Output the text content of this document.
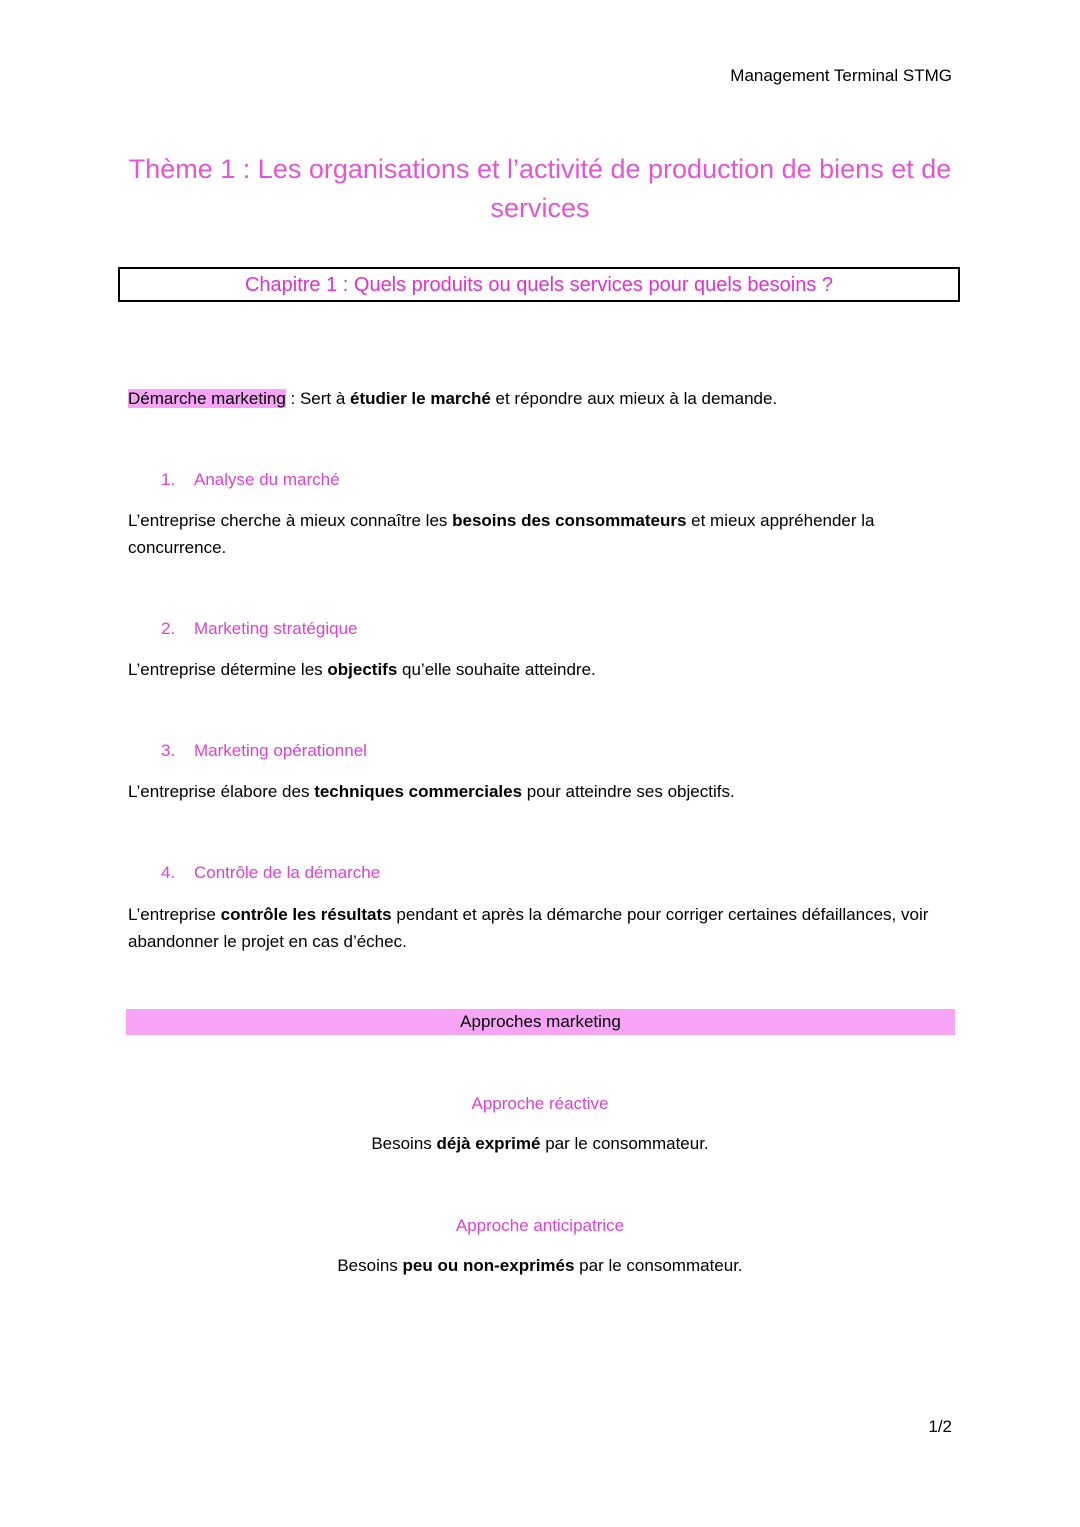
Management Terminal STMG
Thème 1 : Les organisations et l’activité de production de biens et de services
Chapitre 1 : Quels produits ou quels services pour quels besoins ?
Démarche marketing : Sert à étudier le marché et répondre aux mieux à la demande.
1. Analyse du marché
L’entreprise cherche à mieux connaître les besoins des consommateurs et mieux appréhender la concurrence.
2. Marketing stratégique
L’entreprise détermine les objectifs qu’elle souhaite atteindre.
3. Marketing opérationnel
L’entreprise élabore des techniques commerciales pour atteindre ses objectifs.
4. Contrôle de la démarche
L’entreprise contrôle les résultats pendant et après la démarche pour corriger certaines défaillances, voir abandonner le projet en cas d’échec.
Approches marketing
Approche réactive
Besoins déjà exprimé par le consommateur.
Approche anticipatrice
Besoins peu ou non-exprimés par le consommateur.
1/2
